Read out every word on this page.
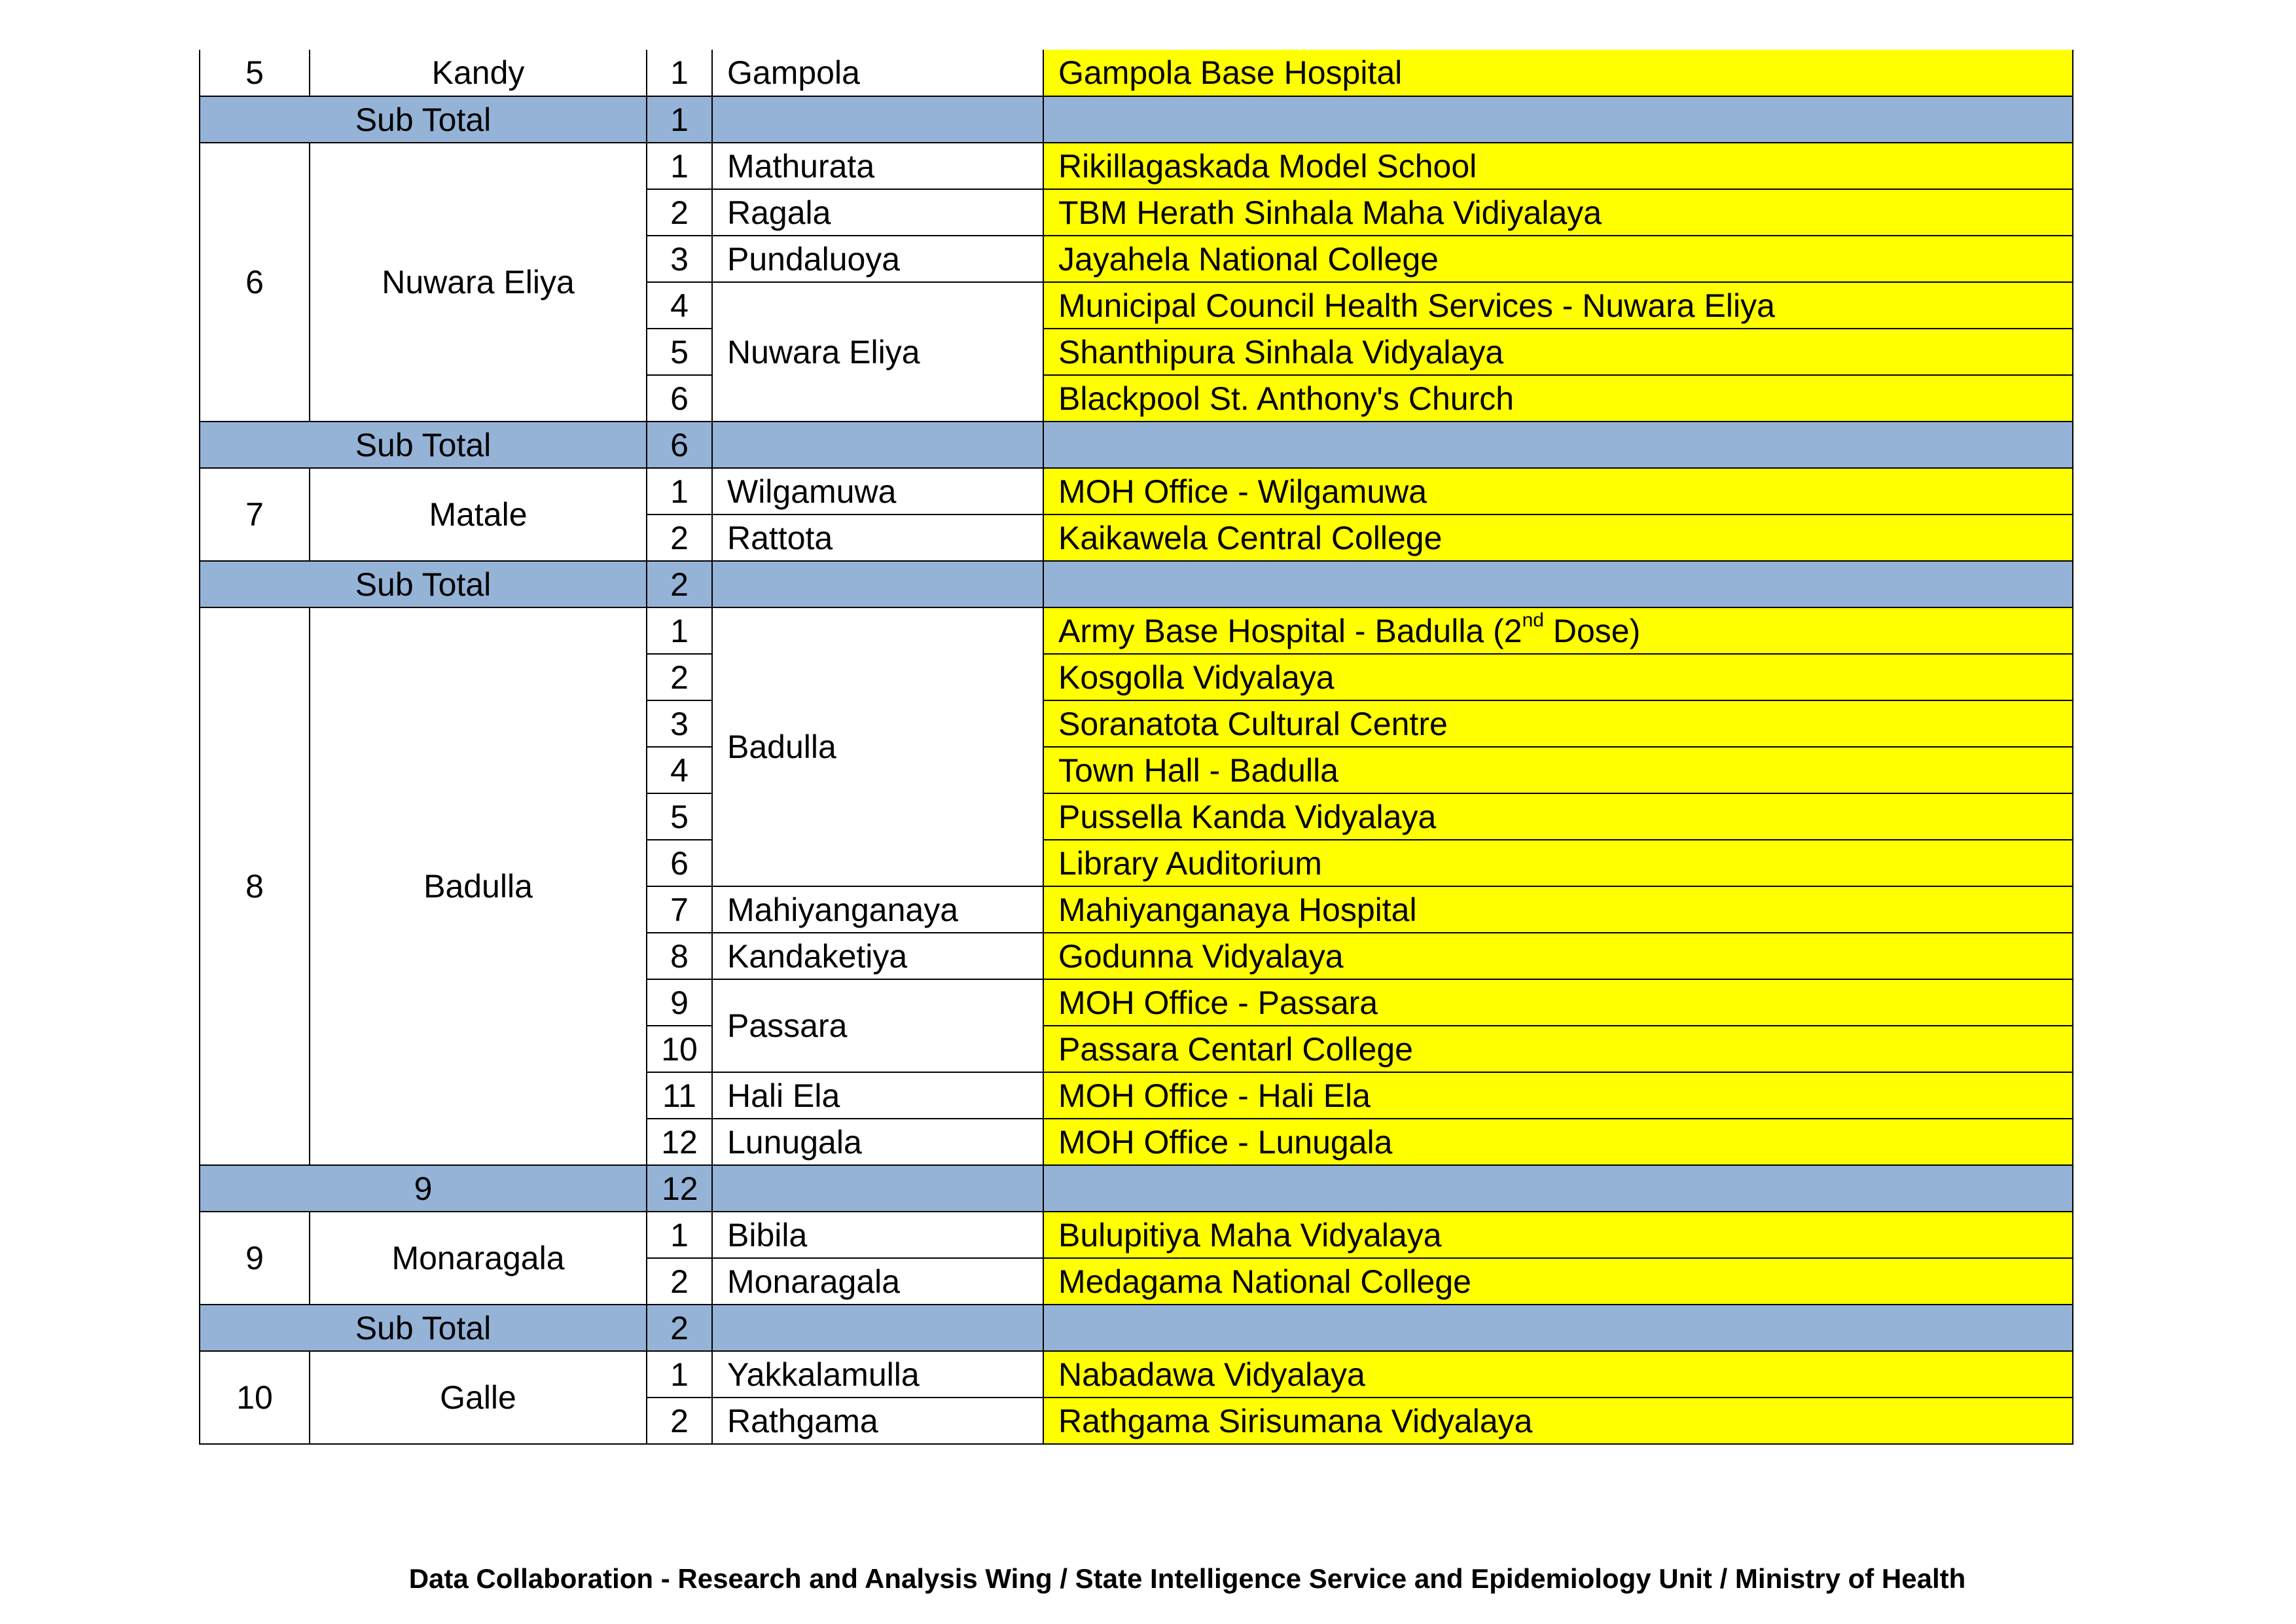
5	Kandy	1	Gampola	Gampola Base Hospital
Sub Total		1		
6	Nuwara Eliya	1	Mathurata	Rikillagaskada Model School
		2	Ragala	TBM Herath Sinhala Maha Vidiyalaya
		3	Pundaluoya	Jayahela National College
		4	Nuwara Eliya	Municipal Council Health Services - Nuwara Eliya
		5		Shanthipura Sinhala Vidyalaya
		6		Blackpool St. Anthony's Church
Sub Total		6		
7	Matale	1	Wilgamuwa	MOH Office - Wilgamuwa
		2	Rattota	Kaikawela Central College
Sub Total		2		
8	Badulla	1	Badulla	Army Base Hospital - Badulla (2nd Dose)
		2		Kosgolla Vidyalaya
		3		Soranatota Cultural Centre
		4		Town Hall - Badulla
		5		Pussella Kanda Vidyalaya
		6		Library Auditorium
		7	Mahiyanganaya	Mahiyanganaya Hospital
		8	Kandaketiya	Godunna Vidyalaya
		9	Passara	MOH Office - Passara
		10		Passara Centarl College
		11	Hali Ela	MOH Office - Hali Ela
		12	Lunugala	MOH Office - Lunugala
9		12		
9	Monaragala	1	Bibila	Bulupitiya Maha Vidyalaya
		2	Monaragala	Medagama National College
Sub Total		2		
10	Galle	1	Yakkalamulla	Nabadawa Vidyalaya
		2	Rathgama	Rathgama Sirisumana Vidyalaya
Data Collaboration - Research and Analysis Wing / State Intelligence Service and Epidemiology Unit / Ministry of Health
